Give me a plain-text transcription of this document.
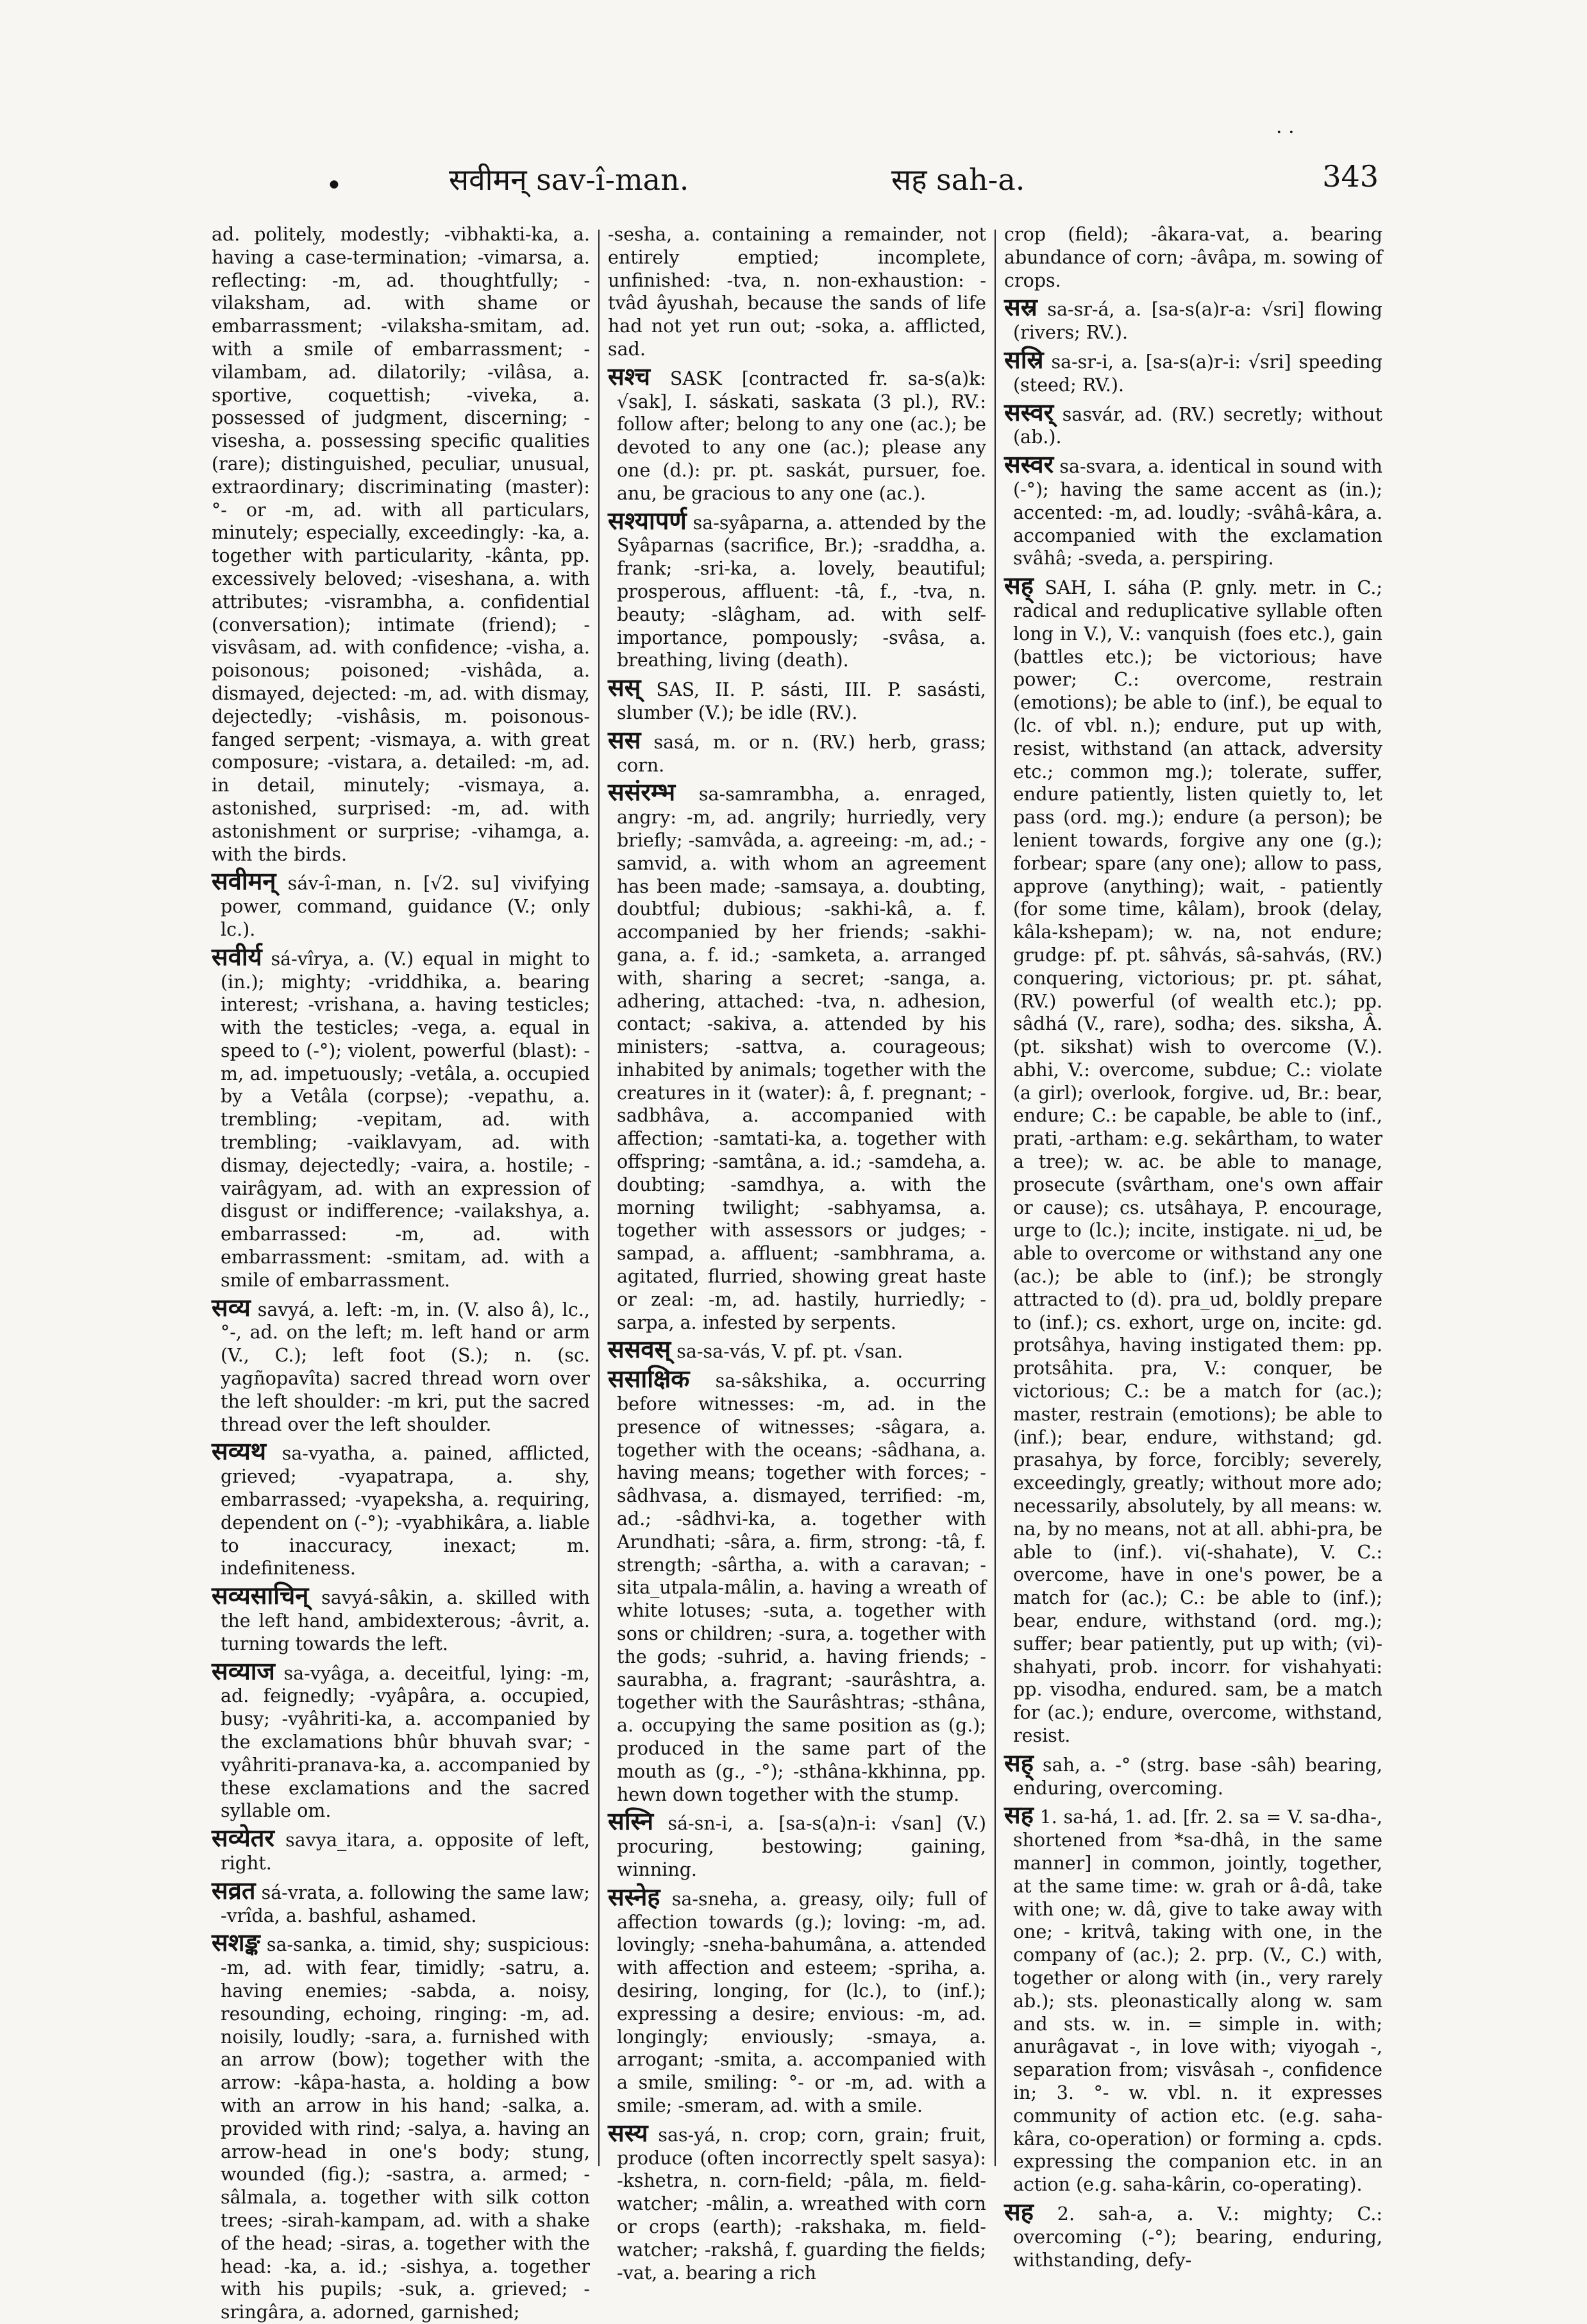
•
· ·
सवीमन् sav-î-man.	सह sah-a.	343

ad. politely, modestly; -vibhakti-ka, a. having a case-termination; -vimarsa, a. reflecting: -m, ad. thoughtfully; -vilaksham, ad. with shame or embarrassment; -vilaksha-smitam, ad. with a smile of embarrassment; -vilambam, ad. dilatorily; -vilâsa, a. sportive, coquettish; -viveka, a. possessed of judgment, discerning; -visesha, a. possessing specific qualities (rare); distinguished, peculiar, unusual, extraordinary; discriminating (master): °- or -m, ad. with all particulars, minutely; especially, exceedingly: -ka, a. together with particularity, -kânta, pp. excessively beloved; -viseshana, a. with attributes; -visrambha, a. confidential (conversation); intimate (friend); -visvâsam, ad. with confidence; -visha, a. poisonous; poisoned; -vishâda, a. dismayed, dejected: -m, ad. with dismay, dejectedly; -vishâsis, m. poisonous-fanged serpent; -vismaya, a. with great composure; -vistara, a. detailed: -m, ad. in detail, minutely; -vismaya, a. astonished, surprised: -m, ad. with astonishment or surprise; -vihamga, a. with the birds.

सवीमन् sáv-î-man, n. [√2. su] vivifying power, command, guidance (V.; only lc.).

सवीर्य sá-vîrya, a. (V.) equal in might to (in.); mighty; -vriddhika, a. bearing interest; -vrishana, a. having testicles; with the testicles; -vega, a. equal in speed to (-°); violent, powerful (blast): -m, ad. impetuously; -vetâla, a. occupied by a Vetâla (corpse); -vepathu, a. trembling; -vepitam, ad. with trembling; -vaiklavyam, ad. with dismay, dejectedly; -vaira, a. hostile; -vairâgyam, ad. with an expression of disgust or indifference; -vailakshya, a. embarrassed: -m, ad. with embarrassment: -smitam, ad. with a smile of embarrassment.

सव्य savyá, a. left: -m, in. (V. also â), lc., °-, ad. on the left; m. left hand or arm (V., C.); left foot (S.); n. (sc. yagñopavîta) sacred thread worn over the left shoulder: -m kri, put the sacred thread over the left shoulder.

सव्यथ sa-vyatha, a. pained, afflicted, grieved; -vyapatrapa, a. shy, embarrassed; -vyapeksha, a. requiring, dependent on (-°); -vyabhikâra, a. liable to inaccuracy, inexact; m. indefiniteness.

सव्यसाचिन् savyá-sâkin, a. skilled with the left hand, ambidexterous; -âvrit, a. turning towards the left.

सव्याज sa-vyâga, a. deceitful, lying: -m, ad. feignedly; -vyâpâra, a. occupied, busy; -vyâhriti-ka, a. accompanied by the exclamations bhûr bhuvah svar; -vyâhriti-pranava-ka, a. accompanied by these exclamations and the sacred syllable om.

सव्येतर savya_itara, a. opposite of left, right.

सव्रत sá-vrata, a. following the same law; -vrîda, a. bashful, ashamed.

सशङ्क sa-sanka, a. timid, shy; suspicious: -m, ad. with fear, timidly; -satru, a. having enemies; -sabda, a. noisy, resounding, echoing, ringing: -m, ad. noisily, loudly; -sara, a. furnished with an arrow (bow); together with the arrow: -kâpa-hasta, a. holding a bow with an arrow in his hand; -salka, a. provided with rind; -salya, a. having an arrow-head in one's body; stung, wounded (fig.); -sastra, a. armed; -sâlmala, a. together with silk cotton trees; -sirah-kampam, ad. with a shake of the head; -siras, a. together with the head: -ka, a. id.; -sishya, a. together with his pupils; -suk, a. grieved; -sringâra, a. adorned, garnished;

-sesha, a. containing a remainder, not entirely emptied; incomplete, unfinished: -tva, n. non-exhaustion: -tvâd âyushah, because the sands of life had not yet run out; -soka, a. afflicted, sad.

सश्च SASK [contracted fr. sa-s(a)k: √sak], I. sáskati, saskata (3 pl.), RV.: follow after; belong to any one (ac.); be devoted to any one (ac.); please any one (d.): pr. pt. saskát, pursuer, foe. anu, be gracious to any one (ac.).

सश्यापर्ण sa-syâparna, a. attended by the Syâparnas (sacrifice, Br.); -sraddha, a. frank; -sri-ka, a. lovely, beautiful; prosperous, affluent: -tâ, f., -tva, n. beauty; -slâgham, ad. with self-importance, pompously; -svâsa, a. breathing, living (death).

सस् SAS, II. P. sásti, III. P. sasásti, slumber (V.); be idle (RV.).

सस sasá, m. or n. (RV.) herb, grass; corn.

ससंरम्भ sa-samrambha, a. enraged, angry: -m, ad. angrily; hurriedly, very briefly; -samvâda, a. agreeing: -m, ad.; -samvid, a. with whom an agreement has been made; -samsaya, a. doubting, doubtful; dubious; -sakhi-kâ, a. f. accompanied by her friends; -sakhi-gana, a. f. id.; -samketa, a. arranged with, sharing a secret; -sanga, a. adhering, attached: -tva, n. adhesion, contact; -sakiva, a. attended by his ministers; -sattva, a. courageous; inhabited by animals; together with the creatures in it (water): â, f. pregnant; -sadbhâva, a. accompanied with affection; -samtati-ka, a. together with offspring; -samtâna, a. id.; -samdeha, a. doubting; -samdhya, a. with the morning twilight; -sabhyamsa, a. together with assessors or judges; -sampad, a. affluent; -sambhrama, a. agitated, flurried, showing great haste or zeal: -m, ad. hastily, hurriedly; -sarpa, a. infested by serpents.

ससवस् sa-sa-vás, V. pf. pt. √san.

ससाक्षिक sa-sâkshika, a. occurring before witnesses: -m, ad. in the presence of witnesses; -sâgara, a. together with the oceans; -sâdhana, a. having means; together with forces; -sâdhvasa, a. dismayed, terrified: -m, ad.; -sâdhvi-ka, a. together with Arundhati; -sâra, a. firm, strong: -tâ, f. strength; -sârtha, a. with a caravan; -sita_utpala-mâlin, a. having a wreath of white lotuses; -suta, a. together with sons or children; -sura, a. together with the gods; -suhrid, a. having friends; -saurabha, a. fragrant; -saurâshtra, a. together with the Saurâshtras; -sthâna, a. occupying the same position as (g.); produced in the same part of the mouth as (g., -°); -sthâna-kkhinna, pp. hewn down together with the stump.

सस्नि sá-sn-i, a. [sa-s(a)n-i: √san] (V.) procuring, bestowing; gaining, winning.

सस्नेह sa-sneha, a. greasy, oily; full of affection towards (g.); loving: -m, ad. lovingly; -sneha-bahumâna, a. attended with affection and esteem; -spriha, a. desiring, longing, for (lc.), to (inf.); expressing a desire; envious: -m, ad. longingly; enviously; -smaya, a. arrogant; -smita, a. accompanied with a smile, smiling: °- or -m, ad. with a smile; -smeram, ad. with a smile.

सस्य sas-yá, n. crop; corn, grain; fruit, produce (often incorrectly spelt sasya): -kshetra, n. corn-field; -pâla, m. field-watcher; -mâlin, a. wreathed with corn or crops (earth); -rakshaka, m. field-watcher; -rakshâ, f. guarding the fields; -vat, a. bearing a rich

crop (field); -âkara-vat, a. bearing abundance of corn; -âvâpa, m. sowing of crops.

सस्र sa-sr-á, a. [sa-s(a)r-a: √sri] flowing (rivers; RV.).

सस्रि sa-sr-i, a. [sa-s(a)r-i: √sri] speeding (steed; RV.).

सस्वर् sasvár, ad. (RV.) secretly; without (ab.).

सस्वर sa-svara, a. identical in sound with (-°); having the same accent as (in.); accented: -m, ad. loudly; -svâhâ-kâra, a. accompanied with the exclamation svâhâ; -sveda, a. perspiring.

सह् SAH, I. sáha (P. gnly. metr. in C.; radical and reduplicative syllable often long in V.), V.: vanquish (foes etc.), gain (battles etc.); be victorious; have power; C.: overcome, restrain (emotions); be able to (inf.), be equal to (lc. of vbl. n.); endure, put up with, resist, withstand (an attack, adversity etc.; common mg.); tolerate, suffer, endure patiently, listen quietly to, let pass (ord. mg.); endure (a person); be lenient towards, forgive any one (g.); forbear; spare (any one); allow to pass, approve (anything); wait, - patiently (for some time, kâlam), brook (delay, kâla-kshepam); w. na, not endure; grudge: pf. pt. sâhvás, sâ-sahvás, (RV.) conquering, victorious; pr. pt. sáhat, (RV.) powerful (of wealth etc.); pp. sâdhá (V., rare), sodha; des. siksha, Â. (pt. sikshat) wish to overcome (V.). abhi, V.: overcome, subdue; C.: violate (a girl); overlook, forgive. ud, Br.: bear, endure; C.: be capable, be able to (inf., prati, -artham: e.g. sekârtham, to water a tree); w. ac. be able to manage, prosecute (svârtham, one's own affair or cause); cs. utsâhaya, P. encourage, urge to (lc.); incite, instigate. ni_ud, be able to overcome or withstand any one (ac.); be able to (inf.); be strongly attracted to (d). pra_ud, boldly prepare to (inf.); cs. exhort, urge on, incite: gd. protsâhya, having instigated them: pp. protsâhita. pra, V.: conquer, be victorious; C.: be a match for (ac.); master, restrain (emotions); be able to (inf.); bear, endure, withstand; gd. prasahya, by force, forcibly; severely, exceedingly, greatly; without more ado; necessarily, absolutely, by all means: w. na, by no means, not at all. abhi-pra, be able to (inf.). vi(-shahate), V. C.: overcome, have in one's power, be a match for (ac.); C.: be able to (inf.); bear, endure, withstand (ord. mg.); suffer; bear patiently, put up with; (vi)-shahyati, prob. incorr. for vishahyati: pp. visodha, endured. sam, be a match for (ac.); endure, overcome, withstand, resist.

सह् sah, a. -° (strg. base -sâh) bearing, enduring, overcoming.

सह 1. sa-há, 1. ad. [fr. 2. sa = V. sa-dha-, shortened from *sa-dhâ, in the same manner] in common, jointly, together, at the same time: w. grah or â-dâ, take with one; w. dâ, give to take away with one; - kritvâ, taking with one, in the company of (ac.); 2. prp. (V., C.) with, together or along with (in., very rarely ab.); sts. pleonastically along w. sam and sts. w. in. = simple in. with; anurâgavat -, in love with; viyogah -, separation from; visvâsah -, confidence in; 3. °- w. vbl. n. it expresses community of action etc. (e.g. saha-kâra, co-operation) or forming a. cpds. expressing the companion etc. in an action (e.g. saha-kârin, co-operating).

सह 2. sah-a, a. V.: mighty; C.: overcoming (-°); bearing, enduring, withstanding, defy-
